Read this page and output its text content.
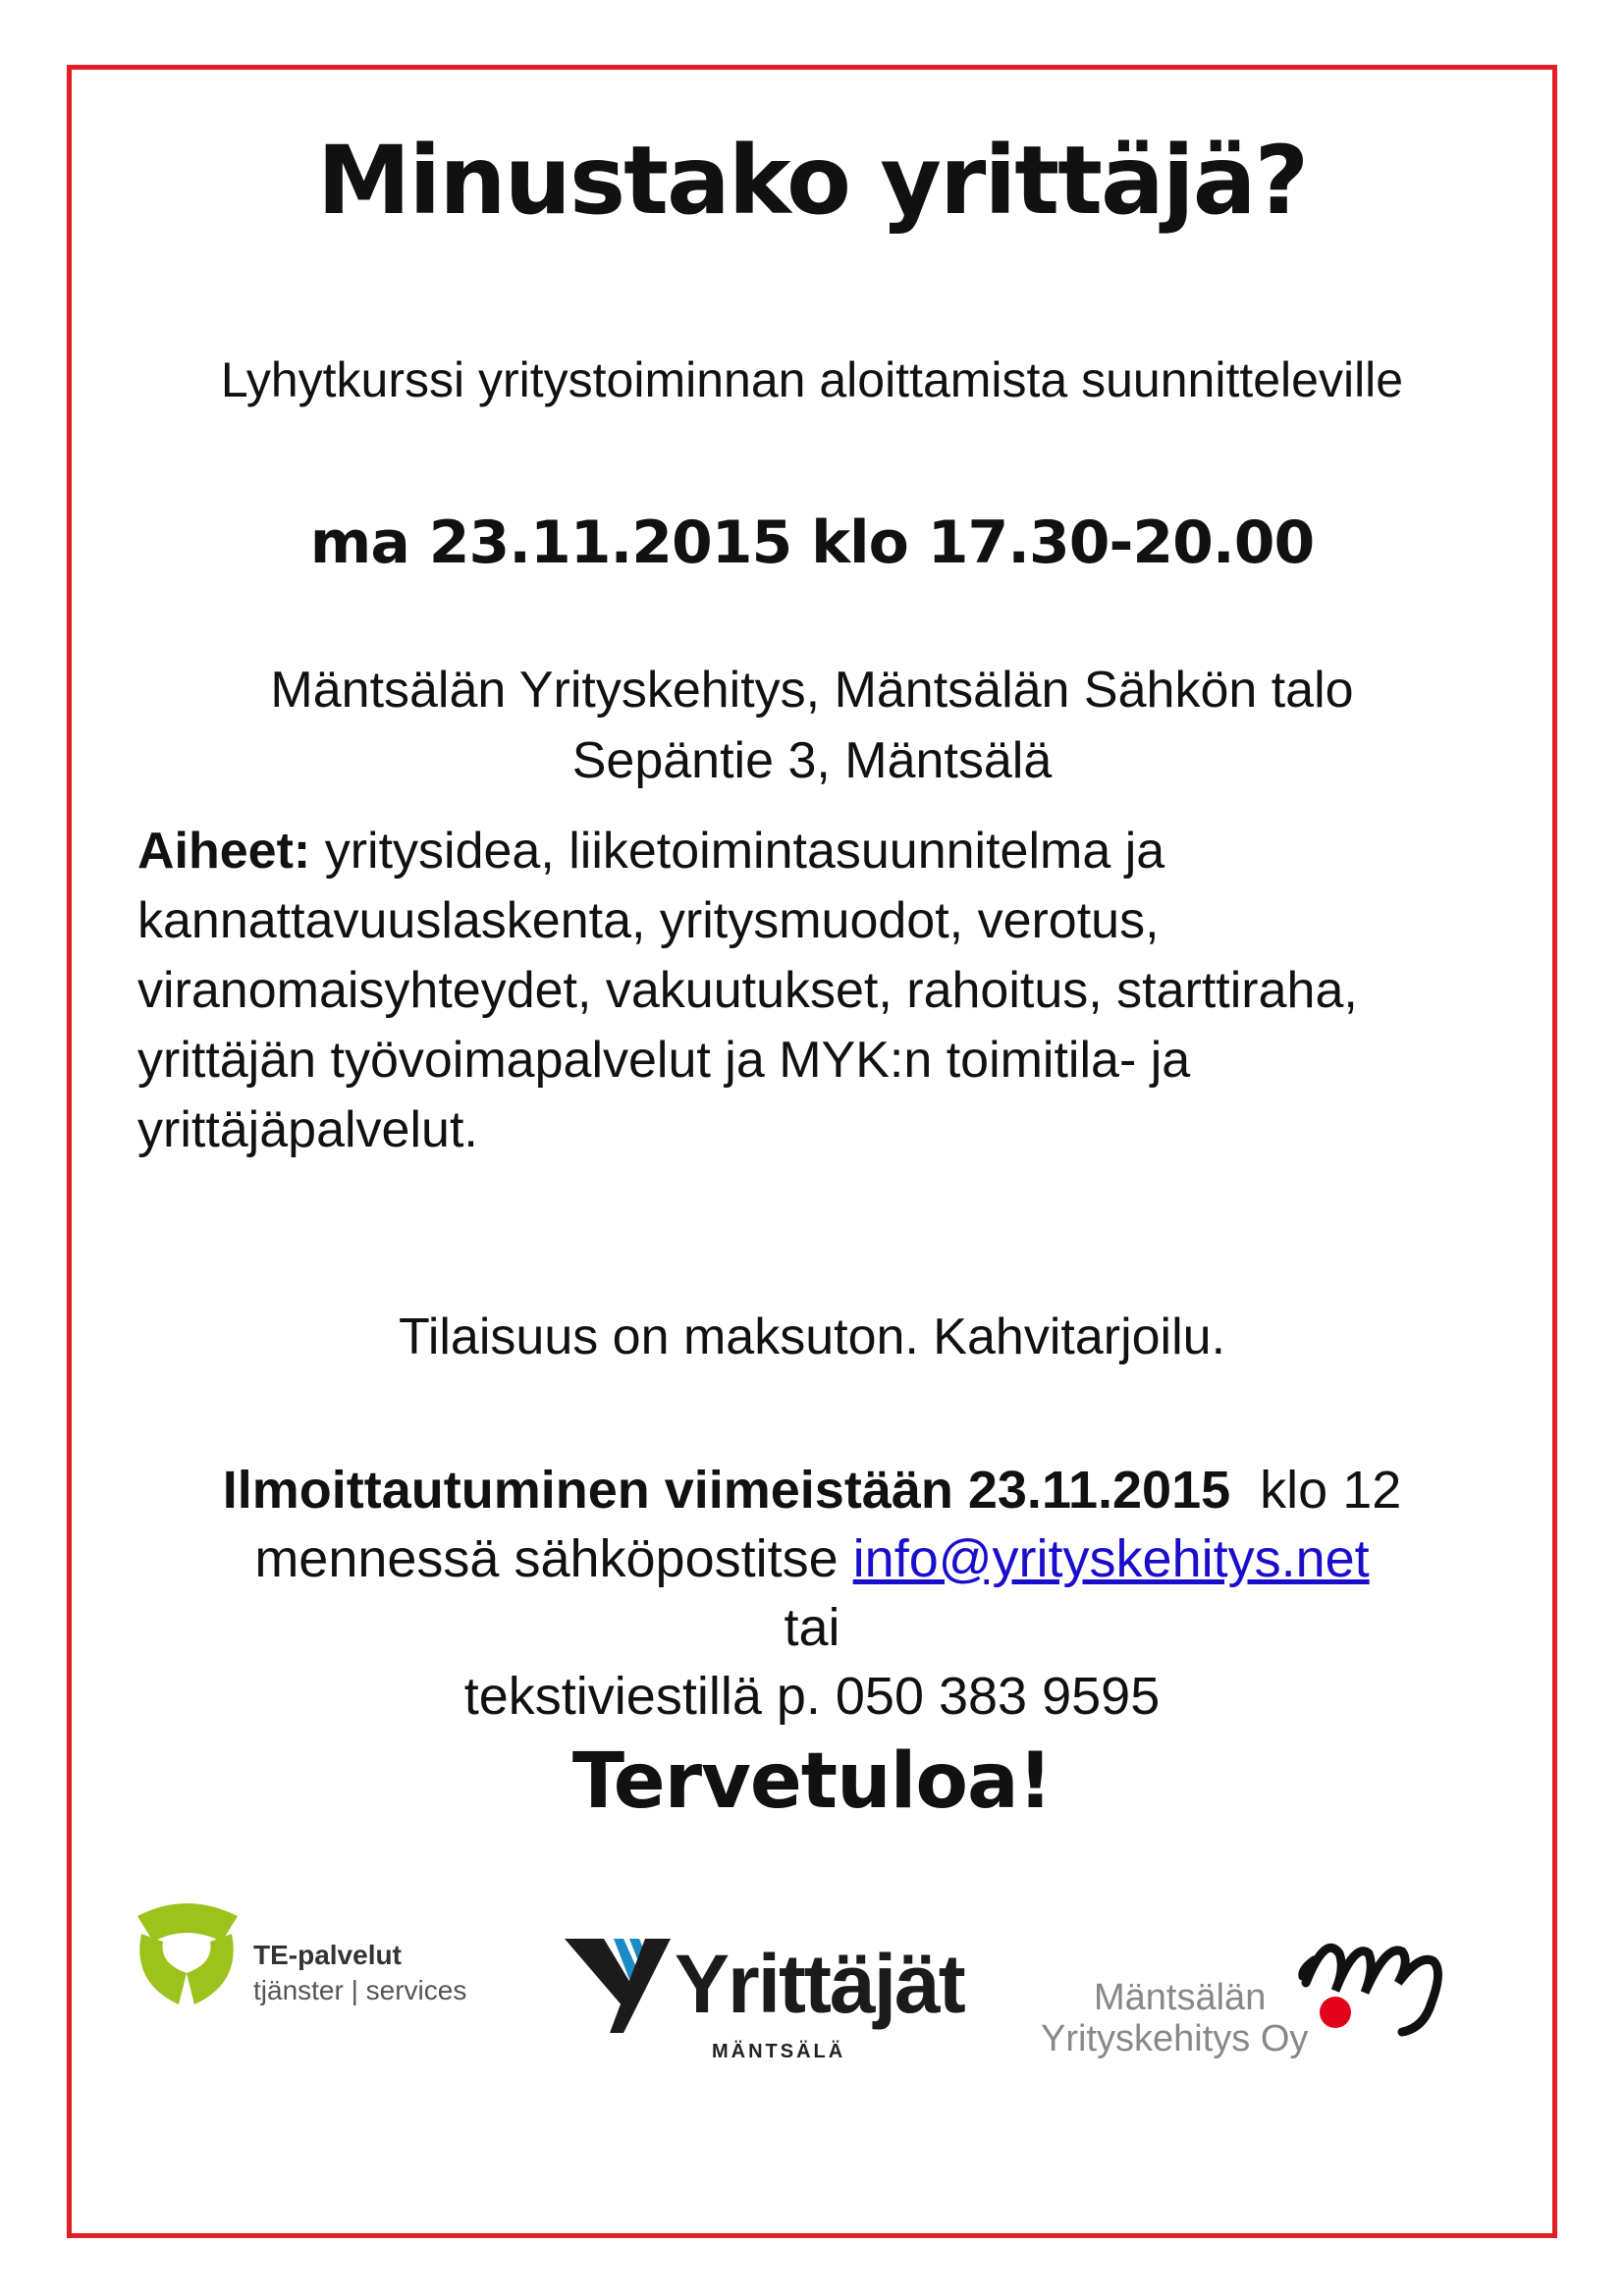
Minustako yrittäjä?
Lyhytkurssi yritystoiminnan aloittamista suunnitteleville
ma 23.11.2015 klo 17.30-20.00
Mäntsälän Yrityskehitys, Mäntsälän Sähkön talo
Sepäntie 3, Mäntsälä
Aiheet: yritysidea, liiketoimintasuunnitelma ja kannattavuuslaskenta, yritysmuodot, verotus, viranomaisyhteydet, vakuutukset, rahoitus, starttiraha, yrittäjän työvoimapalvelut ja MYK:n toimitila- ja yrittäjäpalvelut.
Tilaisuus on maksuton. Kahvitarjoilu.
Ilmoittautuminen viimeistään 23.11.2015  klo 12
mennessä sähköpostitse info@yrityskehitys.net
tai
tekstiviestillä p. 050 383 9595
Tervetuloa!
TE-palvelut
tjänster | services	Yrittäjät
MÄNTSÄLÄ
Mäntsälän
Yrityskehitys Oy
